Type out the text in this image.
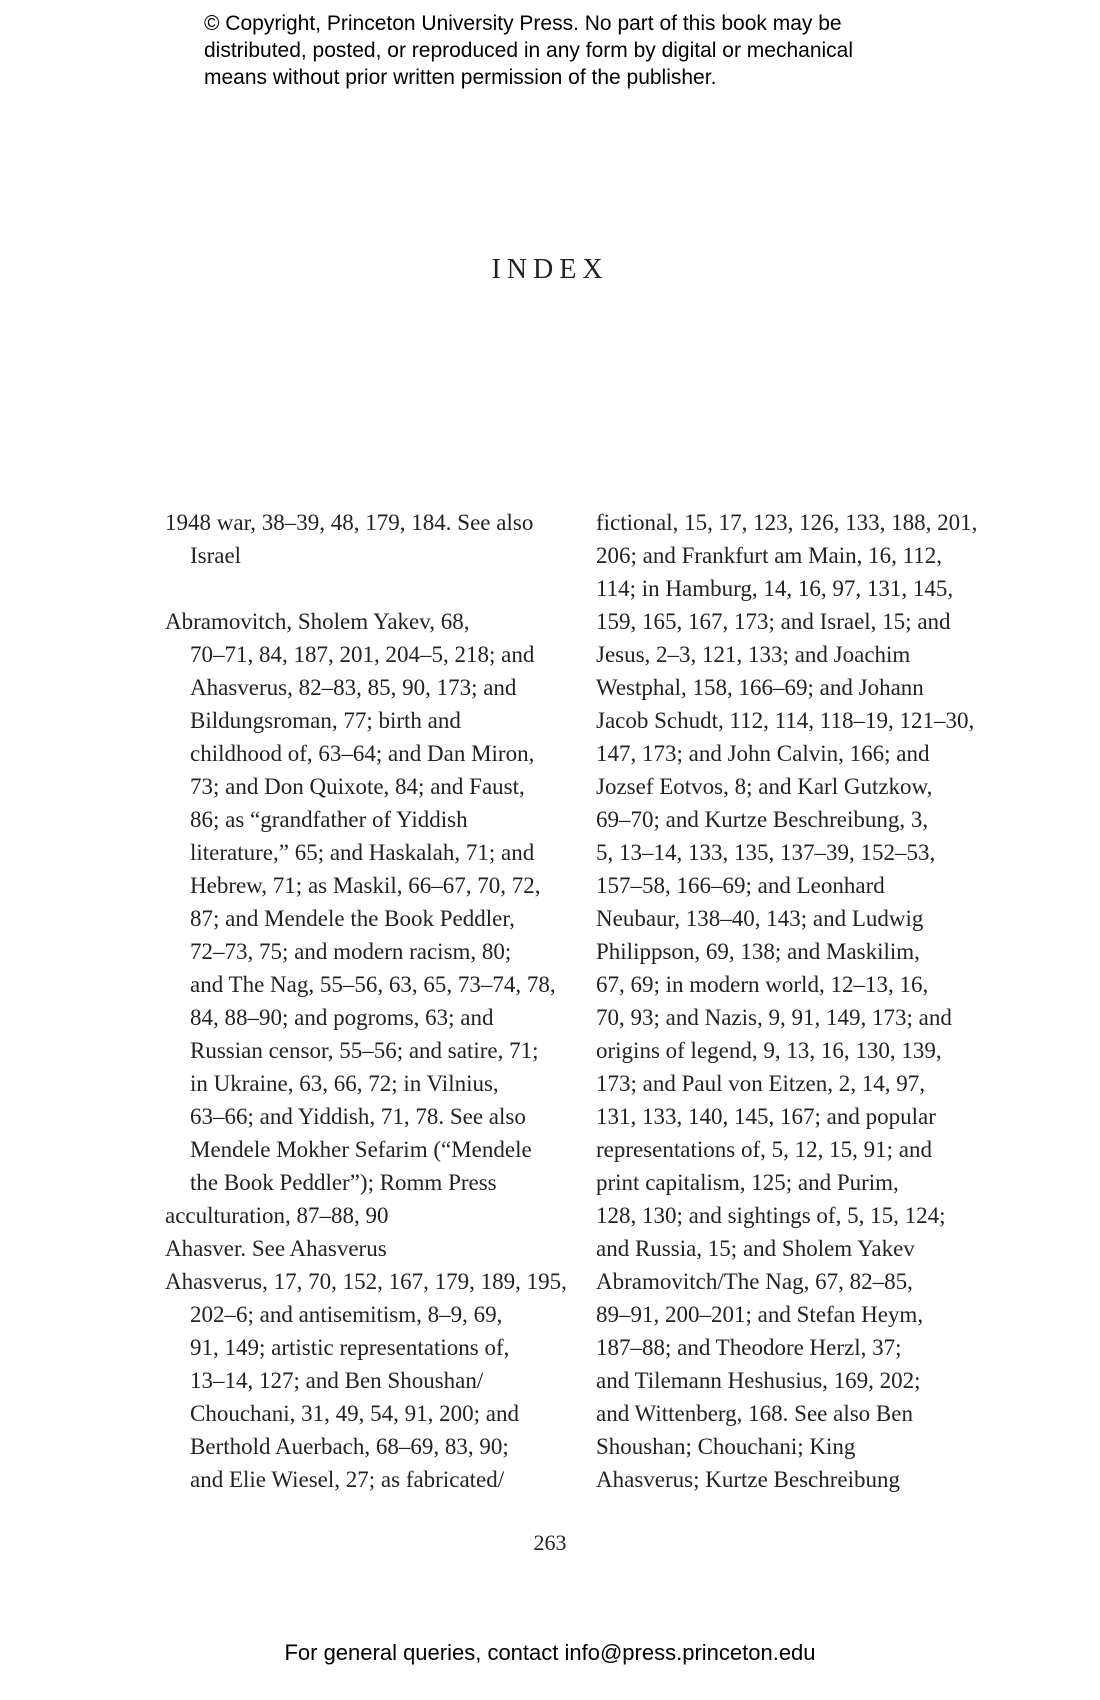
© Copyright, Princeton University Press. No part of this book may be

distributed, posted, or reproduced in any form by digital or mechanical

means without prior written permission of the publisher.

INDEX
1948 war, 38–39, 48, 179, 184. See also
Israel

Abramovitch, Sholem Yakev, 68,
70–71, 84, 187, 201, 204–5, 218; and
Ahasverus, 82–83, 85, 90, 173; and
Bildungsroman, 77; birth and
childhood of, 63–64; and Dan Miron,
73; and Don Quixote, 84; and Faust,
86; as “grandfather of Yiddish
literature,” 65; and Haskalah, 71; and
Hebrew, 71; as Maskil, 66–67, 70, 72,
87; and Mendele the Book Peddler,
72–73, 75; and modern racism, 80;
and The Nag, 55–56, 63, 65, 73–74, 78,
84, 88–90; and pogroms, 63; and
Russian censor, 55–56; and satire, 71;
in Ukraine, 63, 66, 72; in Vilnius,
63–66; and Yiddish, 71, 78. See also
Mendele Mokher Sefarim (“Mendele
the Book Peddler”); Romm Press
acculturation, 87–88, 90
Ahasver. See Ahasverus
Ahasverus, 17, 70, 152, 167, 179, 189, 195,
202–6; and antisemitism, 8–9, 69,
91, 149; artistic representations of,
13–14, 127; and Ben Shoushan/
Chouchani, 31, 49, 54, 91, 200; and
Berthold Auerbach, 68–69, 83, 90;
and Elie Wiesel, 27; as fabricated/
fictional, 15, 17, 123, 126, 133, 188, 201,
206; and Frankfurt am Main, 16, 112,
114; in Hamburg, 14, 16, 97, 131, 145,
159, 165, 167, 173; and Israel, 15; and
Jesus, 2–3, 121, 133; and Joachim
Westphal, 158, 166–69; and Johann
Jacob Schudt, 112, 114, 118–19, 121–30,
147, 173; and John Calvin, 166; and
Jozsef Eotvos, 8; and Karl Gutzkow,
69–70; and Kurtze Beschreibung, 3,
5, 13–14, 133, 135, 137–39, 152–53,
157–58, 166–69; and Leonhard
Neubaur, 138–40, 143; and Ludwig
Philippson, 69, 138; and Maskilim,
67, 69; in modern world, 12–13, 16,
70, 93; and Nazis, 9, 91, 149, 173; and
origins of legend, 9, 13, 16, 130, 139,
173; and Paul von Eitzen, 2, 14, 97,
131, 133, 140, 145, 167; and popular
representations of, 5, 12, 15, 91; and
print capitalism, 125; and Purim,
128, 130; and sightings of, 5, 15, 124;
and Russia, 15; and Sholem Yakev
Abramovitch/The Nag, 67, 82–85,
89–91, 200–201; and Stefan Heym,
187–88; and Theodore Herzl, 37;
and Tilemann Heshusius, 169, 202;
and Wittenberg, 168. See also Ben
Shoushan; Chouchani; King
Ahasverus; Kurtze Beschreibung
263
For general queries, contact info@press.princeton.edu
